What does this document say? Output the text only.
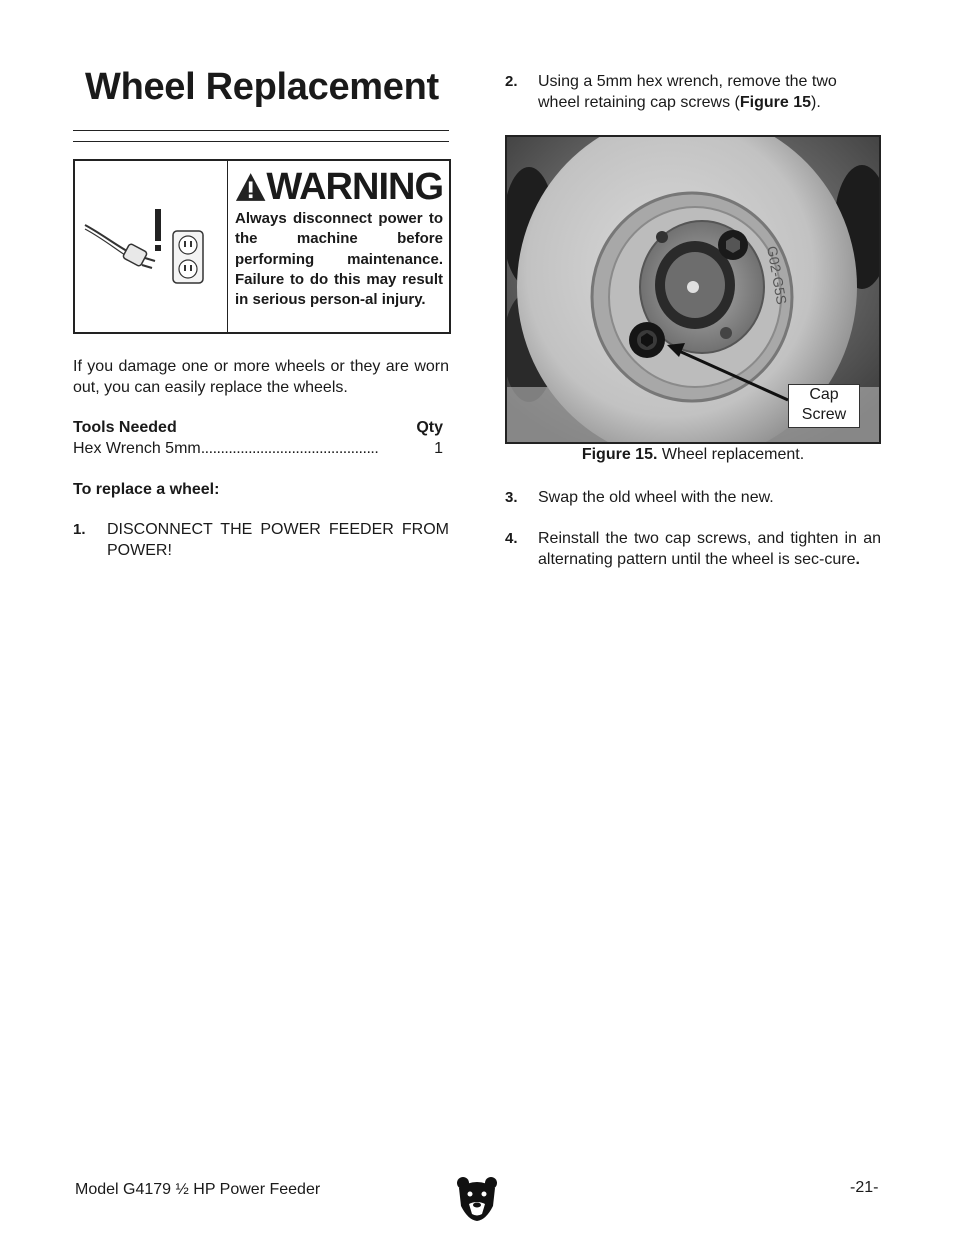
Wheel Replacement
WARNING
Always disconnect power to the machine before performing maintenance. Failure to do this may result in serious person-al injury.
If you damage one or more wheels or they are worn out, you can easily replace the wheels.
Tools Needed	Qty
Hex Wrench 5mm .............................................	1
To replace a wheel:
1. DISCONNECT THE POWER FEEDER FROM POWER!
2. Using a 5mm hex wrench, remove the two wheel retaining cap screws (Figure 15).
G02-G5S
Cap
Screw
Figure 15. Wheel replacement.
3. Swap the old wheel with the new.
4. Reinstall the two cap screws, and tighten in an alternating pattern until the wheel is sec-cure.
Model G4179 ½ HP Power Feeder	-21-
